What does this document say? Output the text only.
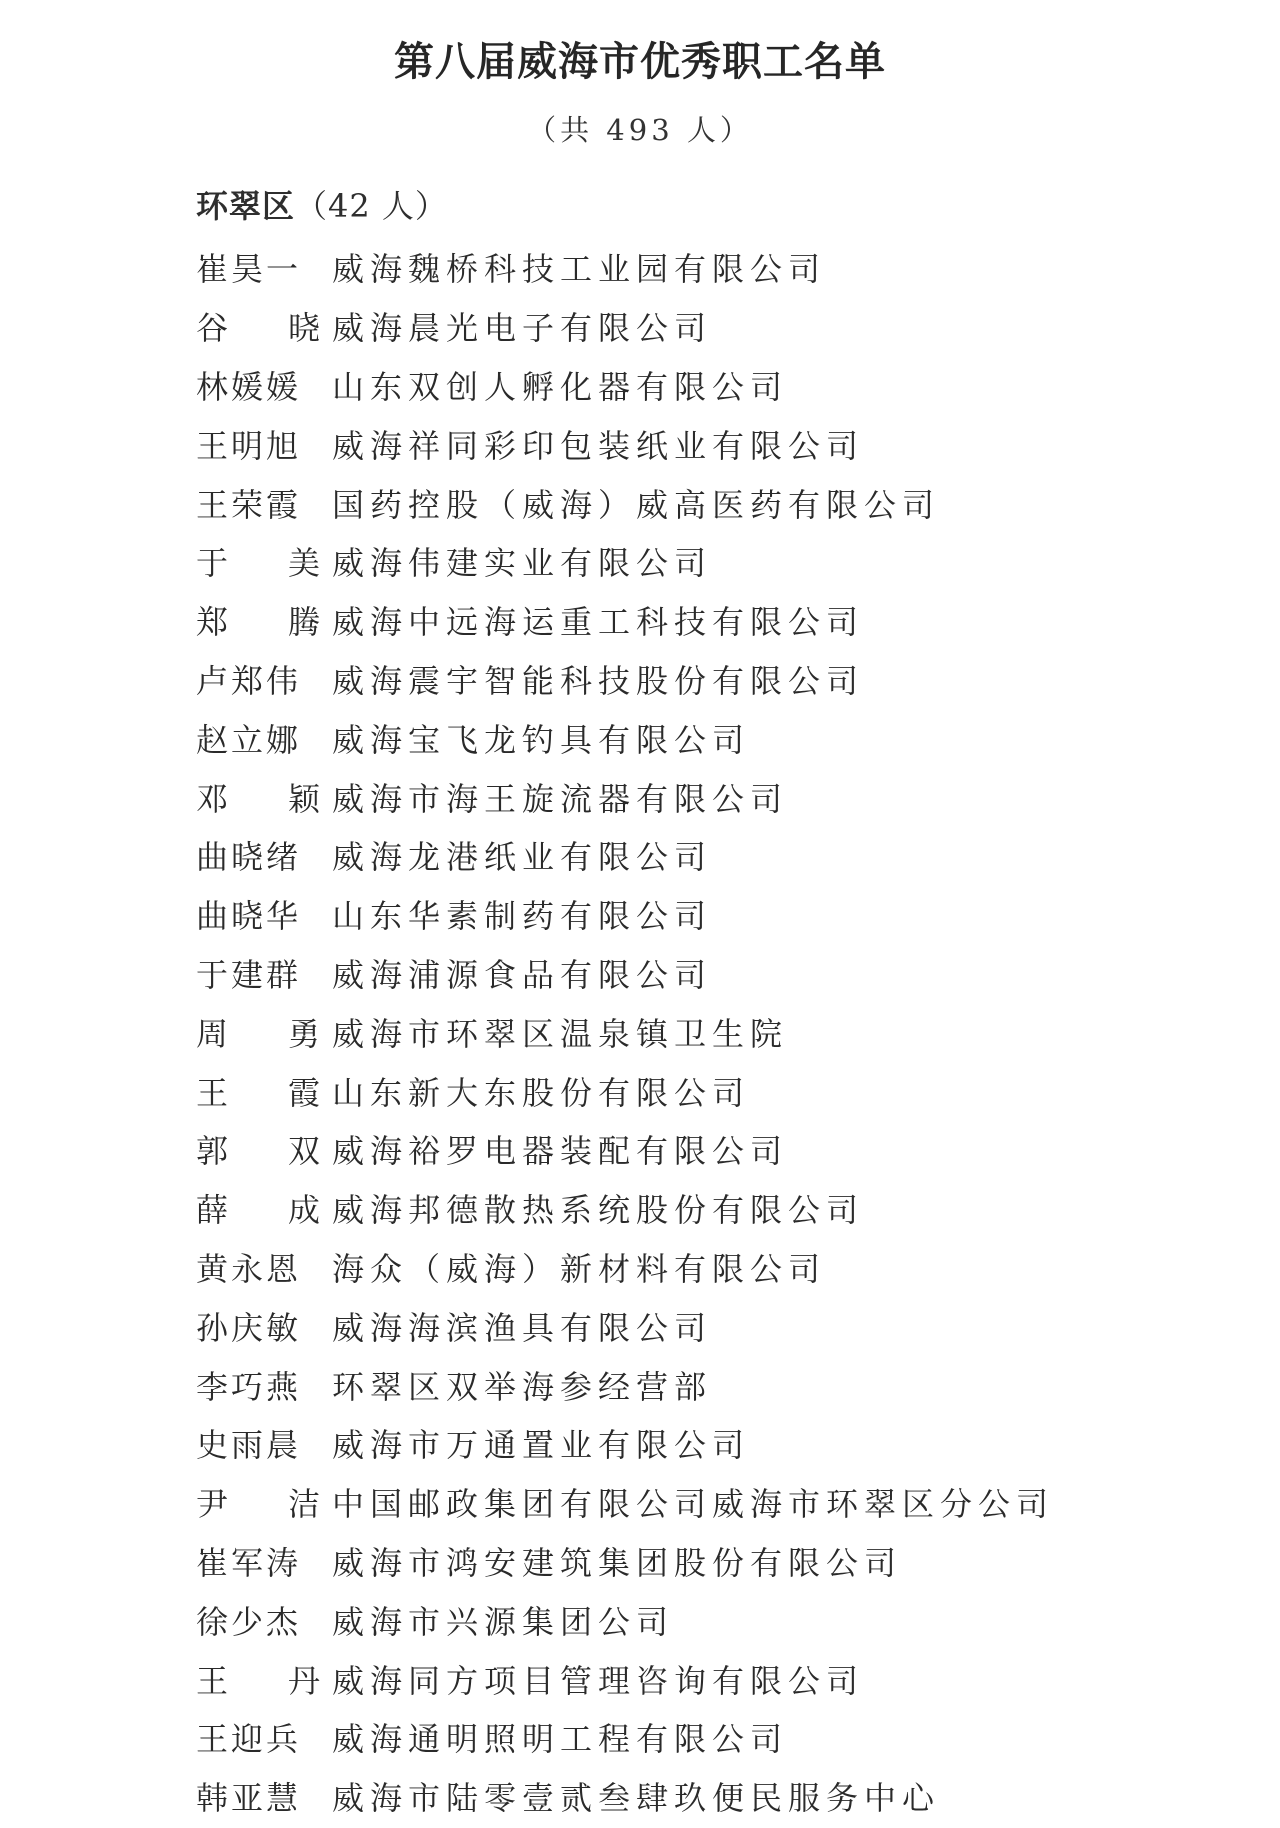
第八届威海市优秀职工名单
（共 493 人）
环翠区（42 人）
崔昊一 威海魏桥科技工业园有限公司
谷 晓 威海晨光电子有限公司
林媛媛 山东双创人孵化器有限公司
王明旭 威海祥同彩印包装纸业有限公司
王荣霞 国药控股（威海）威高医药有限公司
于 美 威海伟建实业有限公司
郑 腾 威海中远海运重工科技有限公司
卢郑伟 威海震宇智能科技股份有限公司
赵立娜 威海宝飞龙钓具有限公司
邓 颖 威海市海王旋流器有限公司
曲晓绪 威海龙港纸业有限公司
曲晓华 山东华素制药有限公司
于建群 威海浦源食品有限公司
周 勇 威海市环翠区温泉镇卫生院
王 霞 山东新大东股份有限公司
郭 双 威海裕罗电器装配有限公司
薛 成 威海邦德散热系统股份有限公司
黄永恩 海众（威海）新材料有限公司
孙庆敏 威海海滨渔具有限公司
李巧燕 环翠区双举海参经营部
史雨晨 威海市万通置业有限公司
尹 洁 中国邮政集团有限公司威海市环翠区分公司
崔军涛 威海市鸿安建筑集团股份有限公司
徐少杰 威海市兴源集团公司
王 丹 威海同方项目管理咨询有限公司
王迎兵 威海通明照明工程有限公司
韩亚慧 威海市陆零壹贰叁肆玖便民服务中心
